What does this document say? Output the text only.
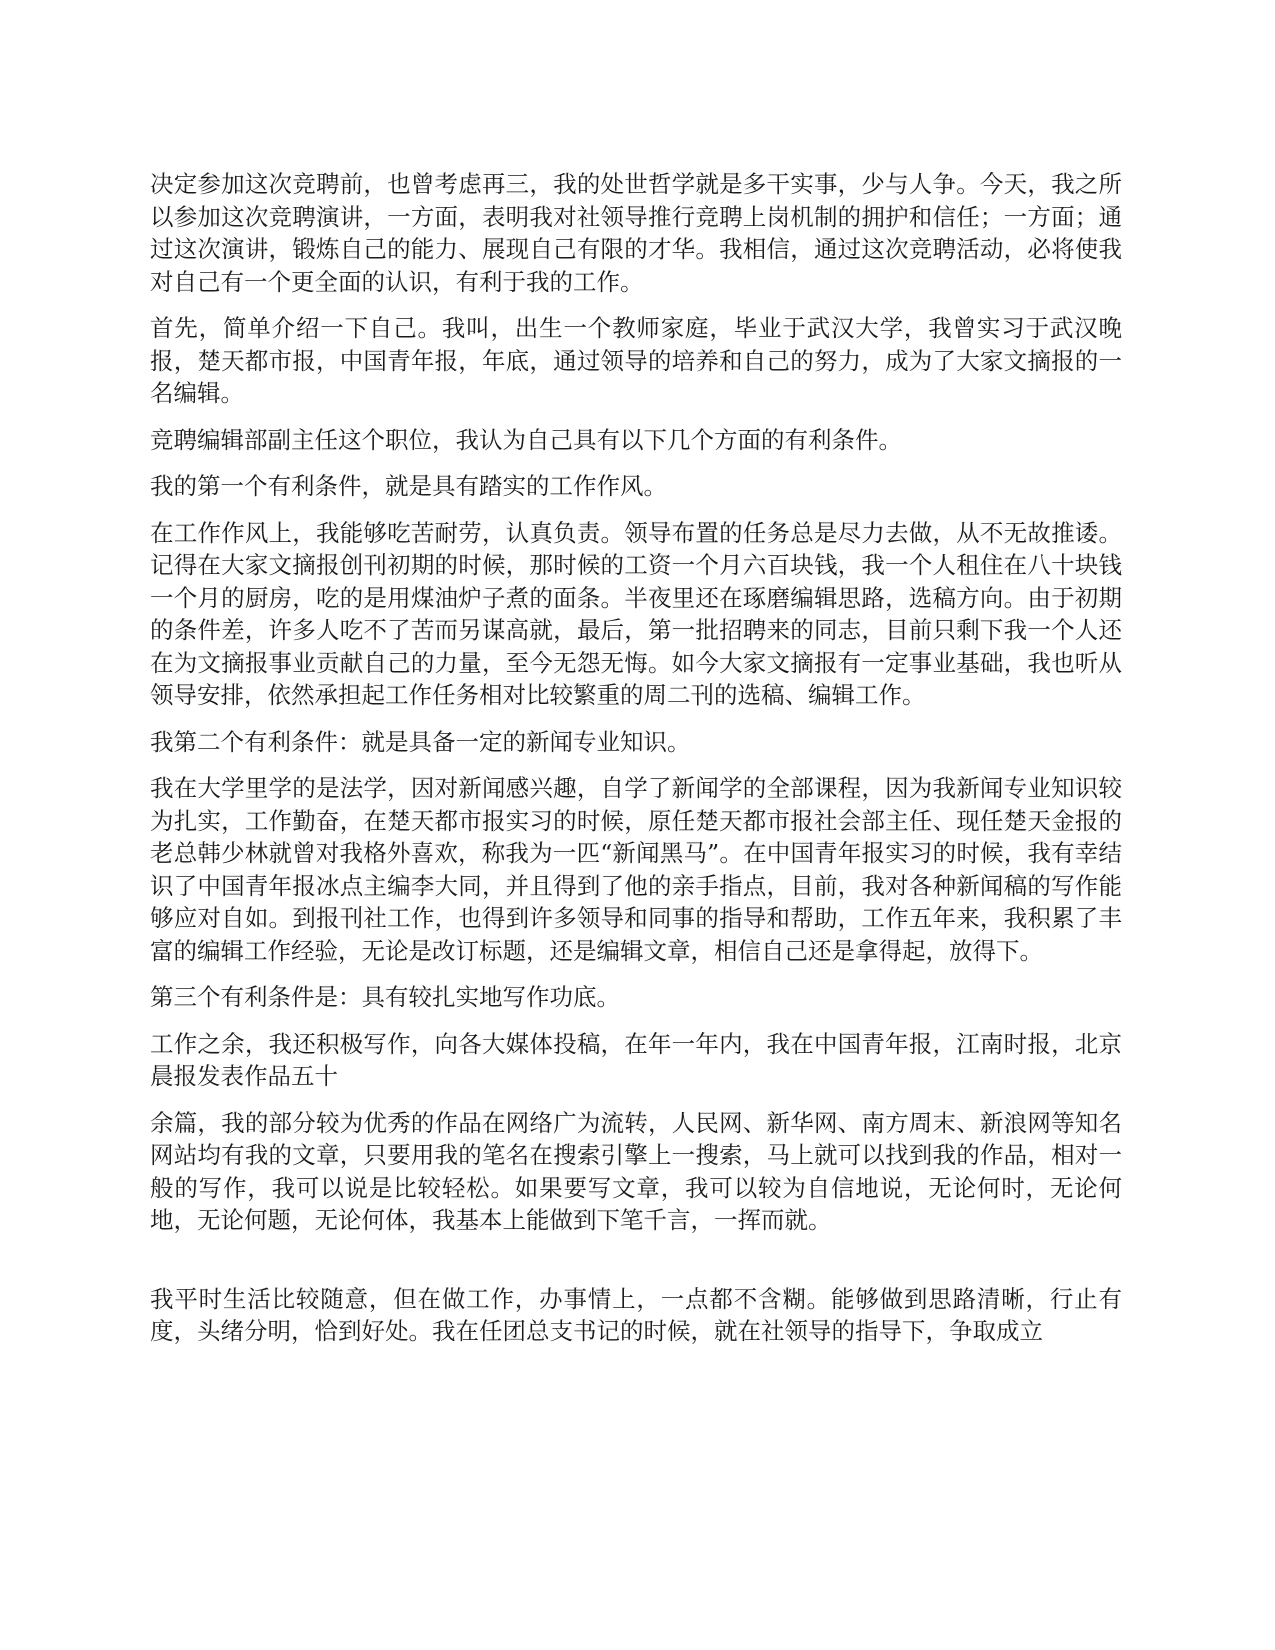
决定参加这次竞聘前，也曾考虑再三，我的处世哲学就是多干实事，少与人争。今天，我之所以参加这次竞聘演讲，一方面，表明我对社领导推行竞聘上岗机制的拥护和信任；一方面；通过这次演讲，锻炼自己的能力、展现自己有限的才华。我相信，通过这次竞聘活动，必将使我对自己有一个更全面的认识，有利于我的工作。

首先，简单介绍一下自己。我叫，出生一个教师家庭，毕业于武汉大学，我曾实习于武汉晚报，楚天都市报，中国青年报，年底，通过领导的培养和自己的努力，成为了大家文摘报的一名编辑。

竞聘编辑部副主任这个职位，我认为自己具有以下几个方面的有利条件。

我的第一个有利条件，就是具有踏实的工作作风。

在工作作风上，我能够吃苦耐劳，认真负责。领导布置的任务总是尽力去做，从不无故推诿。记得在大家文摘报创刊初期的时候，那时候的工资一个月六百块钱，我一个人租住在八十块钱一个月的厨房，吃的是用煤油炉子煮的面条。半夜里还在琢磨编辑思路，选稿方向。由于初期的条件差，许多人吃不了苦而另谋高就，最后，第一批招聘来的同志，目前只剩下我一个人还在为文摘报事业贡献自己的力量，至今无怨无悔。如今大家文摘报有一定事业基础，我也听从领导安排，依然承担起工作任务相对比较繁重的周二刊的选稿、编辑工作。

我第二个有利条件：就是具备一定的新闻专业知识。

我在大学里学的是法学，因对新闻感兴趣，自学了新闻学的全部课程，因为我新闻专业知识较为扎实，工作勤奋，在楚天都市报实习的时候，原任楚天都市报社会部主任、现任楚天金报的老总韩少林就曾对我格外喜欢，称我为一匹“新闻黑马”。在中国青年报实习的时候，我有幸结识了中国青年报冰点主编李大同，并且得到了他的亲手指点，目前，我对各种新闻稿的写作能够应对自如。到报刊社工作，也得到许多领导和同事的指导和帮助，工作五年来，我积累了丰富的编辑工作经验，无论是改订标题，还是编辑文章，相信自己还是拿得起，放得下。

第三个有利条件是：具有较扎实地写作功底。

工作之余，我还积极写作，向各大媒体投稿，在年一年内，我在中国青年报，江南时报，北京晨报发表作品五十

余篇，我的部分较为优秀的作品在网络广为流转，人民网、新华网、南方周末、新浪网等知名网站均有我的文章，只要用我的笔名在搜索引擎上一搜索，马上就可以找到我的作品，相对一般的写作，我可以说是比较轻松。如果要写文章，我可以较为自信地说，无论何时，无论何地，无论何题，无论何体，我基本上能做到下笔千言，一挥而就。

我平时生活比较随意，但在做工作，办事情上，一点都不含糊。能够做到思路清晰，行止有度，头绪分明，恰到好处。我在任团总支书记的时候，就在社领导的指导下，争取成立
